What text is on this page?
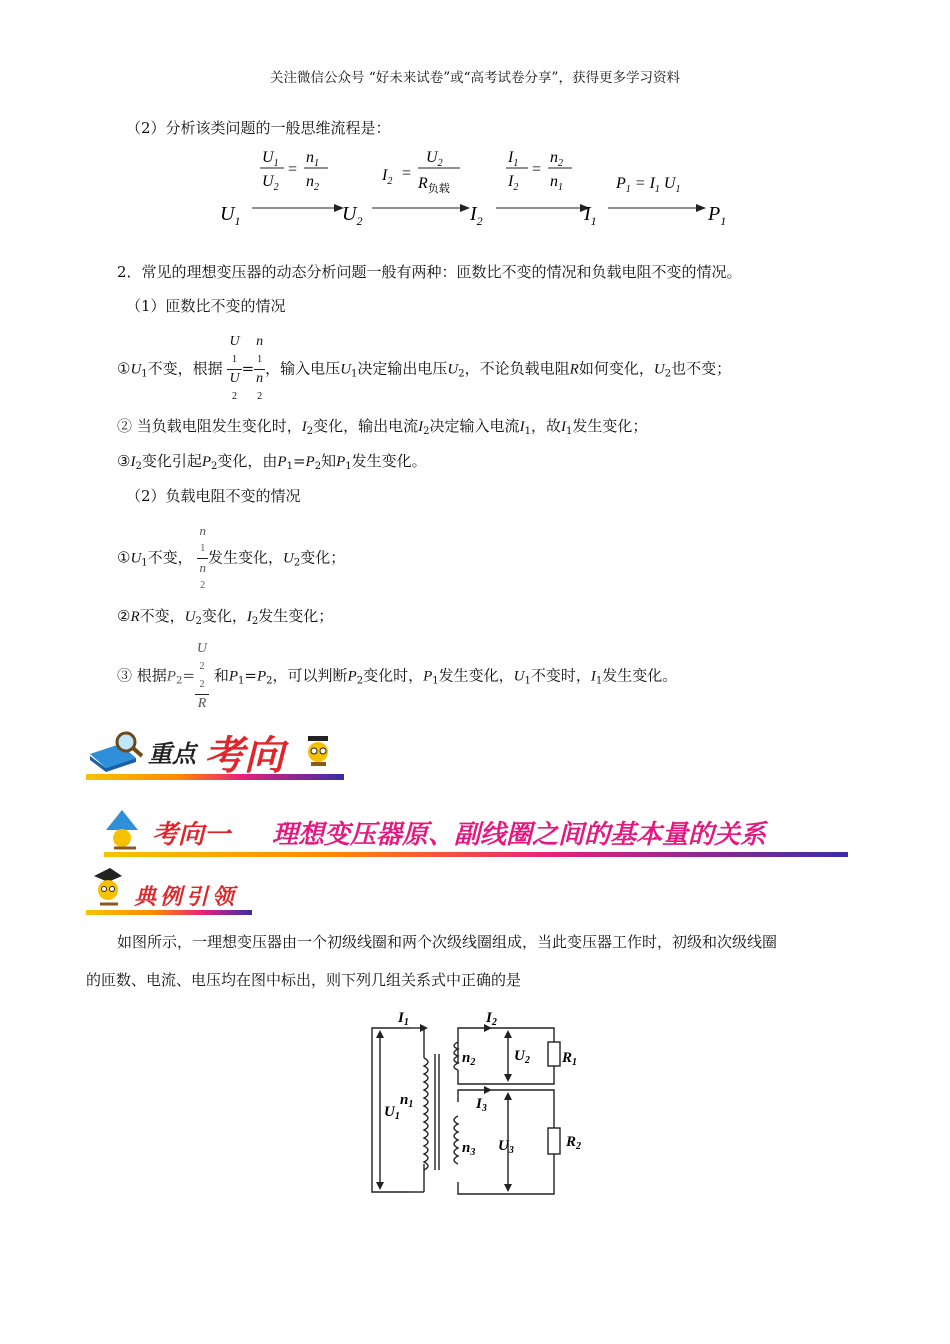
关注微信公众号 “好未来试卷”或“高考试卷分享”，获得更多学习资料
（2）分析该类问题的一般思维流程是：
$U_1$	$U_2$	$I_2$	$I_1$	$P_1$
$U_1$
$U_2$
=
$n_1$
$n_2$
$I_2$ =
$U_2$
$R_{负载}$
$I_1$
$I_2$
=
$n_2$
$n_1$	$P_1 = I_1$ $U_1$
2．常见的理想变压器的动态分析问题一般有两种：匝数比不变的情况和负载电阻不变的情况。
（1）匝数比不变的情况
$①U_1$不变，根据 U
1
U
2 = n
1
n
2 ，输入电压$U_1$决定输出电压$U_2$，不论负载电阻R如何变化，$U_2$也不变；
② 当负载电阻发生变化时，$I_2$变化，输出电流$I_2$决定输入电流$I_1$，故$I_1$发生变化；
$③I_2$变化引起$P_2$变化，由$P_1=P_2$知$P_1$发生变化。
（2）负载电阻不变的情况
$①U_1$不变， n
1
n
2 发生变化，$U_2$变化；
②R不变，$U_2$变化，$I_2$发生变化；
③ 根据$P_2= U$
2
2
R 和$P_1=P_2$，可以判断$P_2$变化时，$P_1$发生变化，$U_1$不变时，$I_1$发生变化。
重点 考向
考向一 理想变压器原、副线圈之间的基本量的关系
典例引领
如图所示，一理想变压器由一个初级线圈和两个次级线圈组成，当此变压器工作时，初级和次级线圈
的匝数、电流、电压均在图中标出，则下列几组关系式中正确的是
$I_1$
$U_1$
$n_1$
$I_2$
$n_2$	$U_2$ $R_1$
$I_3$
$n_3$ $U_3$
$R_2$
